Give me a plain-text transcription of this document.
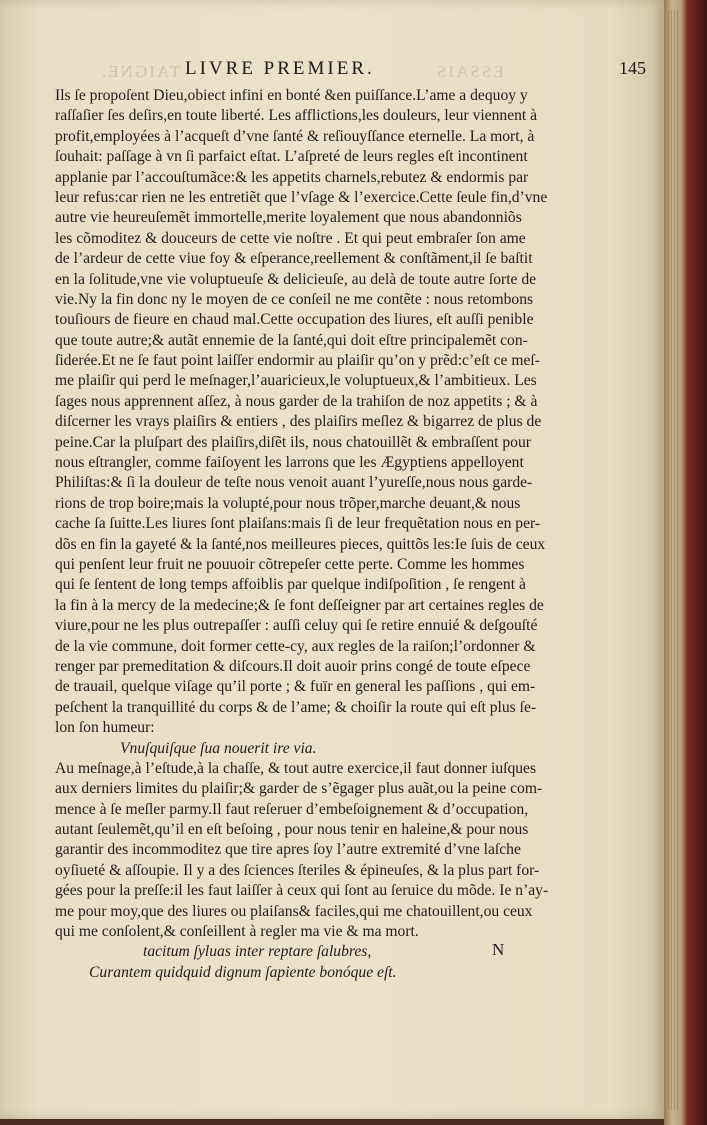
TAIGNE.	ESSAIS
LIVRE PREMIER.	145
Ils ſe propoſent Dieu,obiect infini en bonté &en puiſſance.L’ame a dequoy y
raſſaſier ſes deſirs,en toute liberté. Les afflictions,les douleurs, leur viennent à
profit,employées à l’acqueſt d’vne ſanté & reſiouyſſance eternelle. La mort, à
ſouhait: paſſage à vn ſi parfaict eſtat. L’aſpreté de leurs regles eſt incontinent
applanie par l’accouſtumãce:& les appetits charnels,rebutez & endormis par
leur refus:car rien ne les entretiẽt que l’vſage & l’exercice.Cette ſeule fin,d’vne
autre vie heureuſemẽt immortelle,merite loyalement que nous abandonniõs
les cõmoditez & douceurs de cette vie noſtre . Et qui peut embraſer ſon ame
de l’ardeur de cette viue foy & eſperance,reellement & conſtãment,il ſe baſtit
en la ſolitude,vne vie voluptueuſe & delicieuſe, au delà de toute autre ſorte de
vie.Ny la fin donc ny le moyen de ce conſeil ne me contẽte : nous retombons
touſiours de fieure en chaud mal.Cette occupation des liures, eſt auſſi penible
que toute autre;& autãt ennemie de la ſanté,qui doit eſtre principalemẽt con-
ſiderée.Et ne ſe faut point laiſſer endormir au plaiſir qu’on y prẽd:c’eſt ce meſ-
me plaiſir qui perd le meſnager,l’auaricieux,le voluptueux,& l’ambitieux. Les
ſages nous apprennent aſſez, à nous garder de la trahiſon de noz appetits ; & à
diſcerner les vrays plaiſirs & entiers , des plaiſirs meſlez & bigarrez de plus de
peine.Car la pluſpart des plaiſirs,diſẽt ils, nous chatouillẽt & embraſſent pour
nous eſtrangler, comme faiſoyent les larrons que les Ægyptiens appelloyent
Philiſtas:& ſi la douleur de teſte nous venoit auant l’yureſſe,nous nous garde-
rions de trop boire;mais la volupté,pour nous trõper,marche deuant,& nous
cache ſa ſuitte.Les liures ſont plaiſans:mais ſi de leur frequẽtation nous en per-
dõs en fin la gayeté & la ſanté,nos meilleures pieces, quittõs les:Ie ſuis de ceux
qui penſent leur fruit ne pouuoir cõtrepeſer cette perte. Comme les hommes
qui ſe ſentent de long temps affoiblis par quelque indiſpoſition , ſe rengent à
la fin à la mercy de la medecine;& ſe font deſſeigner par art certaines regles de
viure,pour ne les plus outrepaſſer : auſſi celuy qui ſe retire ennuié & deſgouſté
de la vie commune, doit former cette-cy, aux regles de la raiſon;l’ordonner &
renger par premeditation & diſcours.Il doit auoir prins congé de toute eſpece
de trauail, quelque viſage qu’il porte ; & fuïr en general les paſſions , qui em-
peſchent la tranquillité du corps & de l’ame; & choiſir la route qui eſt plus ſe-
lon ſon humeur:
Vnuſquiſque ſua nouerit ire via.
Au meſnage,à l’eſtude,à la chaſſe, & tout autre exercice,il faut donner iuſques
aux derniers limites du plaiſir;& garder de s’ẽgager plus auãt,ou la peine com-
mence à ſe meſler parmy.Il faut reſeruer d’embeſoignement & d’occupation,
autant ſeulemẽt,qu’il en eſt beſoing , pour nous tenir en haleine,& pour nous
garantir des incommoditez que tire apres ſoy l’autre extremité d’vne laſche
oyſiueté & aſſoupie. Il y a des ſciences ſteriles & épineuſes, & la plus part for-
gées pour la preſſe:il les faut laiſſer à ceux qui ſont au ſeruice du mõde. Ie n’ay-
me pour moy,que des liures ou plaiſans& faciles,qui me chatouillent,ou ceux
qui me conſolent,& conſeillent à regler ma vie & ma mort.
tacitum ſyluas inter reptare ſalubres,
Curantem quidquid dignum ſapiente bonóque eſt.
N
